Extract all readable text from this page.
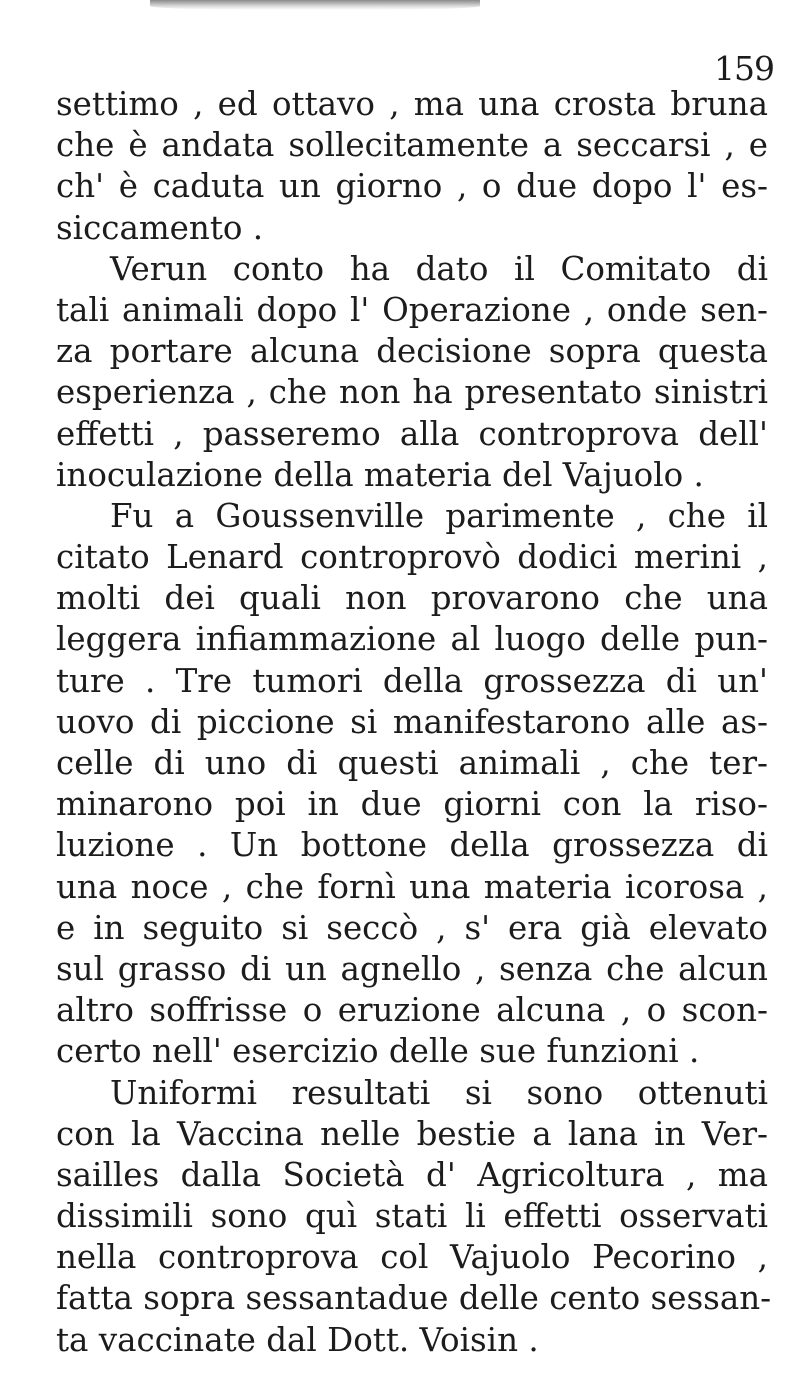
159
settimo , ed ottavo , ma una crosta bruna
che è andata sollecitamente a seccarsi , e
ch' è caduta un giorno , o due dopo l' es-
siccamento .
Verun conto ha dato il Comitato di
tali animali dopo l' Operazione , onde sen-
za portare alcuna decisione sopra questa
esperienza , che non ha presentato sinistri
effetti , passeremo alla controprova dell'
inoculazione della materia del Vajuolo .
Fu a Goussenville parimente , che il
citato Lenard controprovò dodici merini ,
molti dei quali non provarono che una
leggera infiammazione al luogo delle pun-
ture . Tre tumori della grossezza di un'
uovo di piccione si manifestarono alle as-
celle di uno di questi animali , che ter-
minarono poi in due giorni con la riso-
luzione . Un bottone della grossezza di
una noce , che fornì una materia icorosa ,
e in seguito si seccò , s' era già elevato
sul grasso di un agnello , senza che alcun
altro soffrisse o eruzione alcuna , o scon-
certo nell' esercizio delle sue funzioni .
Uniformi resultati si sono ottenuti
con la Vaccina nelle bestie a lana in Ver-
sailles dalla Società d' Agricoltura , ma
dissimili sono quì stati li effetti osservati
nella controprova col Vajuolo Pecorino ,
fatta sopra sessantadue delle cento sessan-
ta vaccinate dal Dott. Voisin .
